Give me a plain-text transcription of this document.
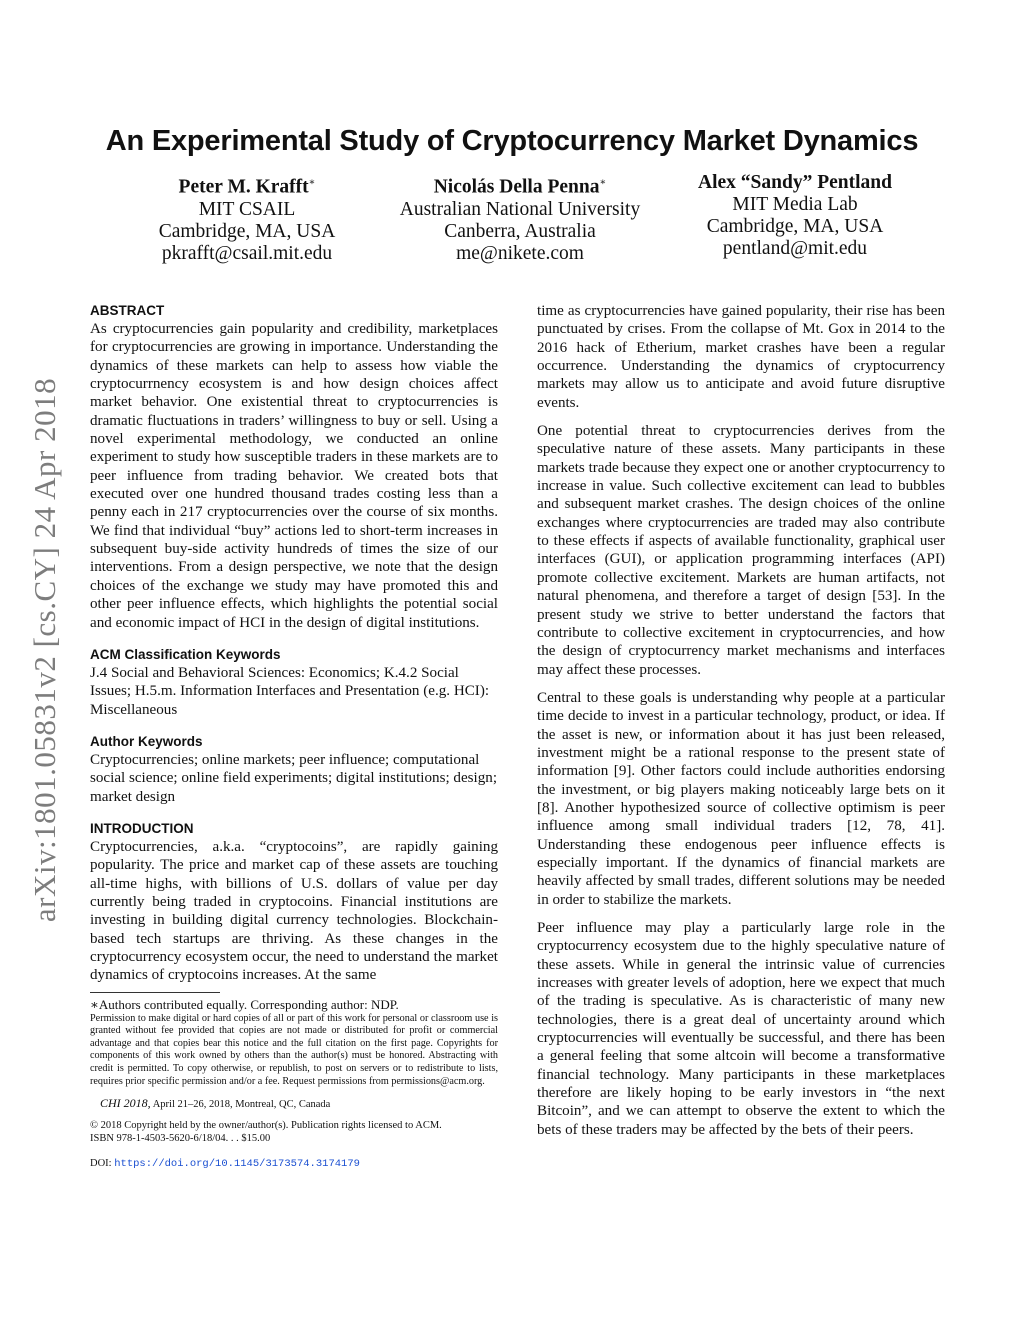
arXiv:1801.05831v2 [cs.CY] 24 Apr 2018
An Experimental Study of Cryptocurrency Market Dynamics
Peter M. Krafft∗
MIT CSAIL
Cambridge, MA, USA
pkrafft@csail.mit.edu
Nicolás Della Penna∗
Australian National University
Canberra, Australia
me@nikete.com
Alex “Sandy” Pentland
MIT Media Lab
Cambridge, MA, USA
pentland@mit.edu
ABSTRACT

As cryptocurrencies gain popularity and credibility, marketplaces for cryptocurrencies are growing in importance. Understanding the dynamics of these markets can help to assess how viable the cryptocurrnency ecosystem is and how design choices affect market behavior. One existential threat to cryptocurrencies is dramatic fluctuations in traders’ willingness to buy or sell. Using a novel experimental methodology, we conducted an online experiment to study how susceptible traders in these markets are to peer influence from trading behavior. We created bots that executed over one hundred thousand trades costing less than a penny each in 217 cryptocurrencies over the course of six months. We find that individual “buy” actions led to short-term increases in subsequent buy-side activity hundreds of times the size of our interventions. From a design perspective, we note that the design choices of the exchange we study may have promoted this and other peer influence effects, which highlights the potential social and economic impact of HCI in the design of digital institutions.

ACM Classification Keywords

J.4 Social and Behavioral Sciences: Economics; K.4.2 Social Issues; H.5.m. Information Interfaces and Presentation (e.g. HCI): Miscellaneous

Author Keywords

Cryptocurrencies; online markets; peer influence; computational social science; online field experiments; digital institutions; design; market design

INTRODUCTION

Cryptocurrencies, a.k.a. “cryptocoins”, are rapidly gaining popularity. The price and market cap of these assets are touching all-time highs, with billions of U.S. dollars of value per day currently being traded in cryptocoins. Financial institutions are investing in building digital currency technologies. Blockchain-based tech startups are thriving. As these changes in the cryptocurrency ecosystem occur, the need to understand the market dynamics of cryptocoins increases. At the same

∗Authors contributed equally. Corresponding author: NDP.

Permission to make digital or hard copies of all or part of this work for personal or classroom use is granted without fee provided that copies are not made or distributed for profit or commercial advantage and that copies bear this notice and the full citation on the first page. Copyrights for components of this work owned by others than the author(s) must be honored. Abstracting with credit is permitted. To copy otherwise, or republish, to post on servers or to redistribute to lists, requires prior specific permission and/or a fee. Request permissions from permissions@acm.org.

CHI 2018, April 21–26, 2018, Montreal, QC, Canada
© 2018 Copyright held by the owner/author(s). Publication rights licensed to ACM.
ISBN 978-1-4503-5620-6/18/04. . . $15.00
DOI: https://doi.org/10.1145/3173574.3174179

time as cryptocurrencies have gained popularity, their rise has been punctuated by crises. From the collapse of Mt. Gox in 2014 to the 2016 hack of Etherium, market crashes have been a regular occurrence. Understanding the dynamics of cryptocurrency markets may allow us to anticipate and avoid future disruptive events.

One potential threat to cryptocurrencies derives from the speculative nature of these assets. Many participants in these markets trade because they expect one or another cryptocurrency to increase in value. Such collective excitement can lead to bubbles and subsequent market crashes. The design choices of the online exchanges where cryptocurrencies are traded may also contribute to these effects if aspects of available functionality, graphical user interfaces (GUI), or application programming interfaces (API) promote collective excitement. Markets are human artifacts, not natural phenomena, and therefore a target of design [53]. In the present study we strive to better understand the factors that contribute to collective excitement in cryptocurrencies, and how the design of cryptocurrency market mechanisms and interfaces may affect these processes.

Central to these goals is understanding why people at a particular time decide to invest in a particular technology, product, or idea. If the asset is new, or information about it has just been released, investment might be a rational response to the present state of information [9]. Other factors could include authorities endorsing the investment, or big players making noticeably large bets on it [8]. Another hypothesized source of collective optimism is peer influence among small individual traders [12, 78, 41]. Understanding these endogenous peer influence effects is especially important. If the dynamics of financial markets are heavily affected by small trades, different solutions may be needed in order to stabilize the markets.

Peer influence may play a particularly large role in the cryptocurrency ecosystem due to the highly speculative nature of these assets. While in general the intrinsic value of currencies increases with greater levels of adoption, here we expect that much of the trading is speculative. As is characteristic of many new technologies, there is a great deal of uncertainty around which cryptocurrencies will eventually be successful, and there has been a general feeling that some altcoin will become a transformative financial technology. Many participants in these marketplaces therefore are likely hoping to be early investors in “the next Bitcoin”, and we can attempt to observe the extent to which the bets of these traders may be affected by the bets of their peers.
